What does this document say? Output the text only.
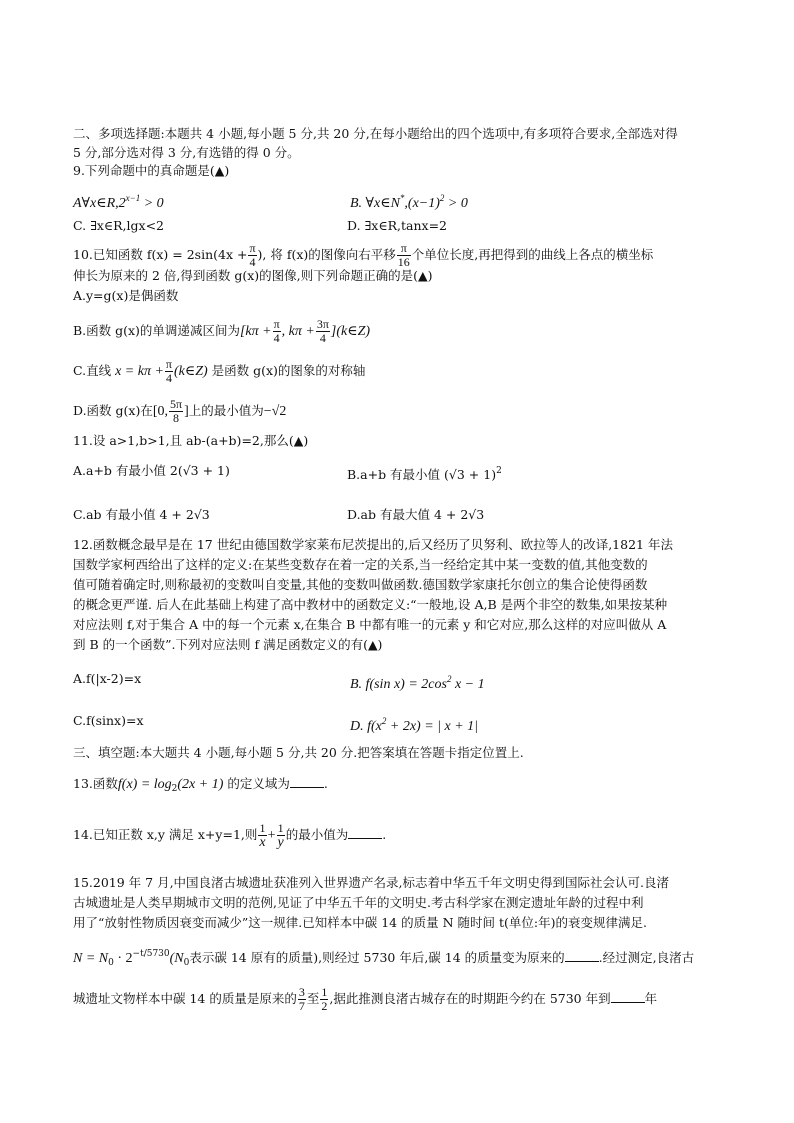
二、多项选择题:本题共 4 小题,每小题 5 分,共 20 分,在每小题给出的四个选项中,有多项符合要求,全部选对得
5 分,部分选对得 3 分,有选错的得 0 分。
9.下列命题中的真命题是(▲)
$A\forall x\in R,2^{x-1} > 0$	B. $\forall x\in N^*,(x-1)^2 > 0$
C. ∃x∈R,lgx<2	D. ∃x∈R,tanx=2
10.已知函数 $f(x) = 2\sin(4x + \frac{\pi}{4}$ ), 将 f(x)的图像向右平移 $\frac{\pi}{16}$ 个单位长度,再把得到的曲线上各点的横坐标
伸长为原来的 2 倍,得到函数 g(x)的图像,则下列命题正确的是(▲)
A.y=g(x)是偶函数
B.函数 g(x)的单调递减区间为[$k\pi + \frac{\pi}{4}$ , $k\pi + \frac{3\pi}{4}$ ](k∈Z)
C.直线 $x = k\pi + \frac{\pi}{4}$ (k∈Z) 是函数 g(x)的图象的对称轴
D.函数 g(x)在[0, $\frac{5\pi}{8}$ ]上的最小值为−√2
11.设 a>1,b>1,且 ab-(a+b)=2,那么(▲)
A.a+b 有最小值 2(√3 + 1)	B.a+b 有最小值 $(√3 + 1)^2$
C.ab 有最小值 4 + 2√3	D.ab 有最大值 4 + 2√3
12.函数概念最早是在 17 世纪由德国数学家莱布尼茨提出的,后又经历了贝努利、欧拉等人的改译,1821 年法
国数学家柯西给出了这样的定义:在某些变数存在着一定的关系,当一经给定其中某一变数的值,其他变数的
值可随着确定时,则称最初的变数叫自变量,其他的变数叫做函数.德国数学家康托尔创立的集合论使得函数
的概念更严谨. 后人在此基础上构建了高中教材中的函数定义:“一般地,设 A,B 是两个非空的数集,如果按某种
对应法则 f,对于集合 A 中的每一个元素 x,在集合 B 中都有唯一的元素 y 和它对应,那么这样的对应叫做从 A
到 B 的一个函数”.下列对应法则 f 满足函数定义的有(▲)
A.f(|x-2)=x	B. f(sin $x) = 2\cos^2$ x − 1
C.f(sinx)=x	D. $f(x^2 + 2x)$ = | x + 1|
三、填空题:本大题共 4 小题,每小题 5 分,共 20 分.把答案填在答题卡指定位置上.
13.函数$f(x) = \log_2(2x + 1)$ 的定义域为	.
14.已知正数 x,y 满足 x+y=1,则 $\frac{1}{x} + \frac{1}{y}$ 的最小值为	.
15.2019 年 7 月,中国良渚古城遗址获准列入世界遗产名录,标志着中华五千年文明史得到国际社会认可.良渚
古城遗址是人类早期城市文明的范例,见证了中华五千年的文明史.考古科学家在测定遗址年龄的过程中利
用了“放射性物质因衰变而减少”这一规律.已知样本中碳 14 的质量 N 随时间 t(单位:年)的衰变规律满足.
$N = N_0 \cdot 2^{-t/5730}(N_0$表示碳 14 原有的质量),则经过 5730 年后,碳 14 的质量变为原来的	.经过测定,良渚古
城遗址文物样本中碳 14 的质量是原来的 $\frac{3}{7}$ 至 $\frac{1}{2}$ ,据此推测良渚古城存在的时期距今约在 5730 年到	年
